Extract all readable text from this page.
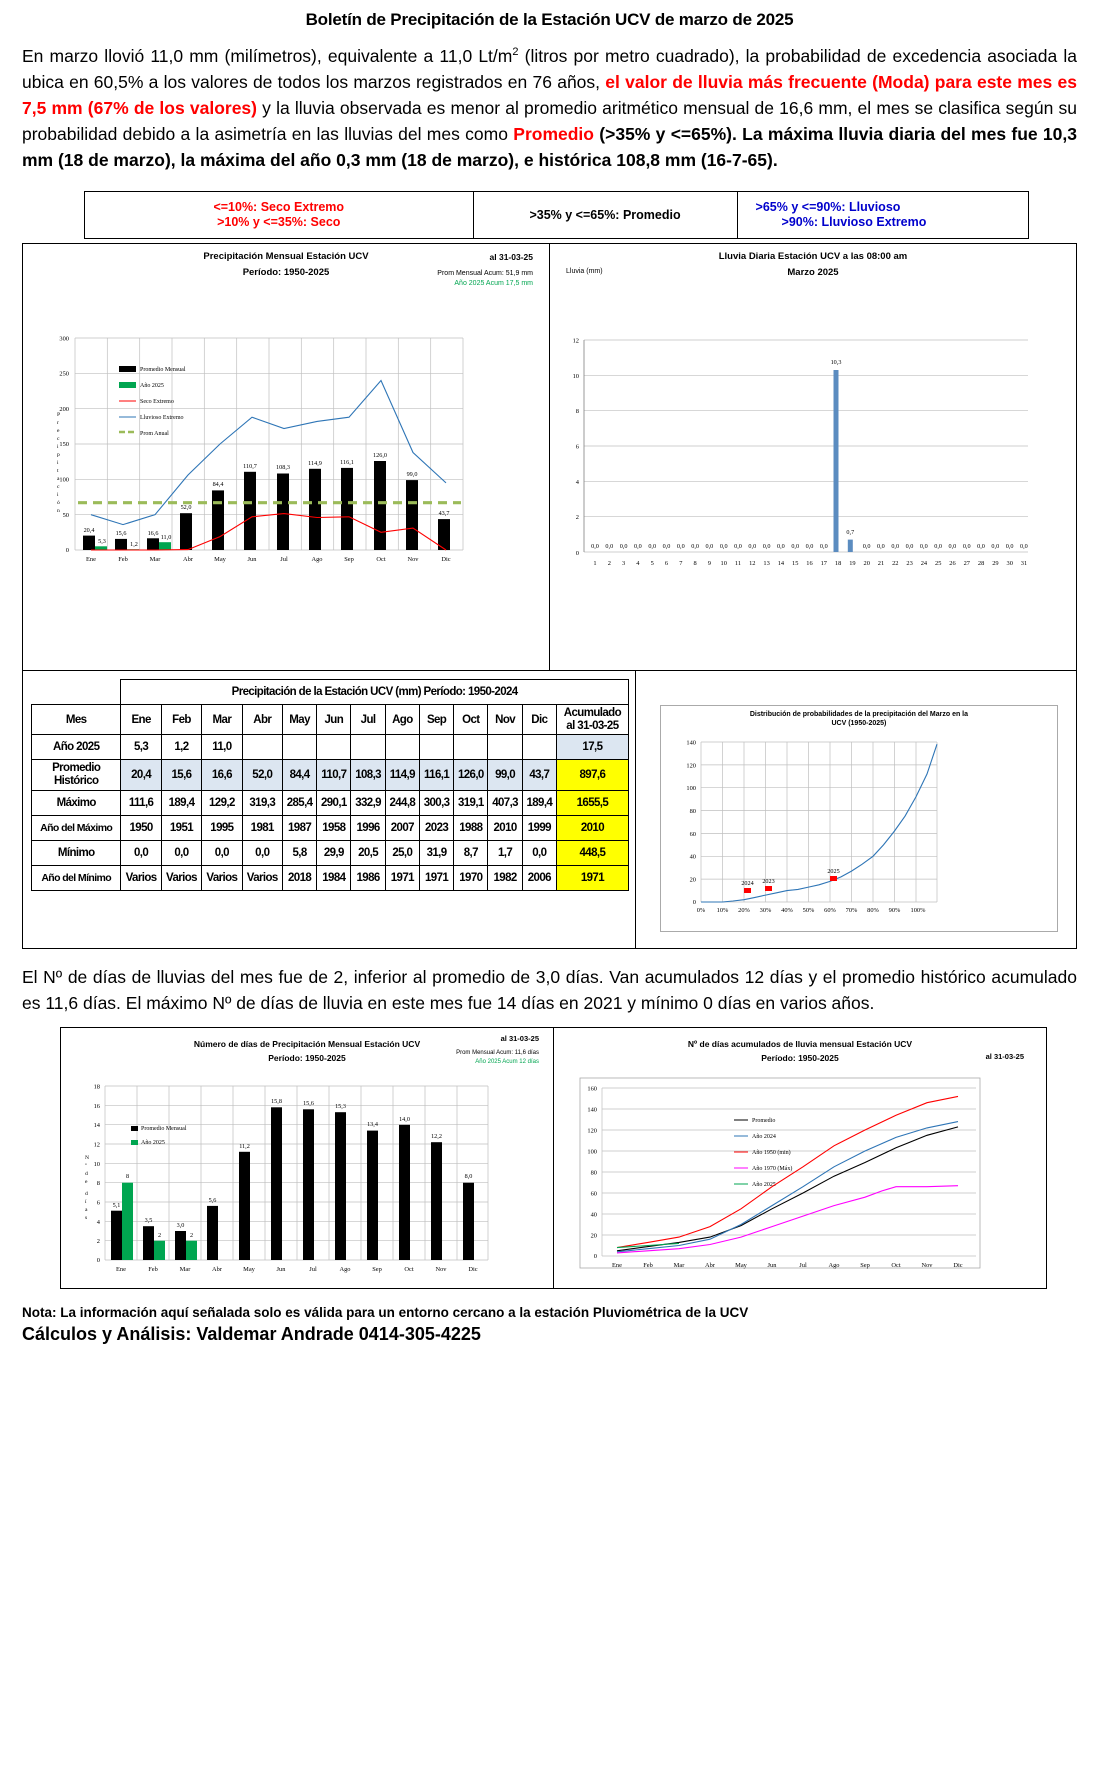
Boletín de Precipitación de la Estación UCV de marzo de 2025
En marzo llovió 11,0 mm (milímetros), equivalente a 11,0 $Lt/m^2$ (litros por metro cuadrado), la probabilidad de excedencia asociada la ubica en 60,5% a los valores de todos los marzos registrados en 76 años, el valor de lluvia más frecuente (Moda) para este mes es 7,5 mm (67% de los valores) y la lluvia observada es menor al promedio aritmético mensual de 16,6 mm, el mes se clasifica según su probabilidad debido a la asimetría en las lluvias del mes como Promedio (>35% y <=65%). La máxima lluvia diaria del mes fue 10,3 mm (18 de marzo), la máxima del año 0,3 mm (18 de marzo), e histórica 108,8 mm (16-7-65).
<=10%: Seco Extremo
>10% y <=35%: Seco
>35% y <=65%: Promedio
>65% y <=90%: Lluvioso
>90%: Lluvioso Extremo
Precipitación Mensual Estación UCV
Período: 1950-2025
al 31-03-25
Prom Mensual Acum: 51,9 mm
Año 2025 Acum 17,5 mm
0
50
100
150
200
250
300
P
r
e
c
i
p
i
t
a
c
i
ó
n
Promedio Mensual
Año 2025
Seco Extremo
Lluvioso Extremo
Prom Anual
20,4
5,3
15,6
1,2
16,6
11,0
52,0
84,4
110,7	108,3
114,9	116,1
126,0
99,0
43,7
Ene	Feb	Mar	Abr	May	Jun	Jul	Ago	Sep	Oct	Nov	Dic
Lluvia Diaria Estación UCV a las 08:00 am
Marzo 2025
Lluvia (mm)
0
2
4
6
8
10
12
0,0 0,0 0,0 0,0 0,0 0,0 0,0 0,0 0,0 0,0 0,0 0,0 0,0 0,0 0,0 0,0 0,0
10,3
0,7
0,0 0,0 0,0 0,0 0,0 0,0 0,0 0,0 0,0 0,0 0,0 0,0
1 2 3 4 5 6 7 8 9 10 11 12 13 14 15 16 17 18 19 20 21 22 23 24 25 26 27 28 29 30 31
	Precipitación de la Estación UCV (mm) Período: 1950-2024												
Mes	Ene	Feb	Mar	Abr	May	Jun	Jul	Ago	Sep	Oct	Nov	Dic	Acumulado
al 31-03-25

Año 2025	5,3	1,2	11,0										17,5

Promedio
Histórico	20,4	15,6	16,6	52,0	84,4	110,7	108,3	114,9	116,1	126,0	99,0	43,7	897,6
Máximo	111,6	189,4	129,2	319,3	285,4	290,1	332,9	244,8	300,3	319,1	407,3	189,4	1655,5
Año del Máximo	1950	1951	1995	1981	1987	1958	1996	2007	2023	1988	2010	1999	2010
Mínimo	0,0	0,0	0,0	0,0	5,8	29,9	20,5	25,0	31,9	8,7	1,7	0,0	448,5
Año del Mínimo	Varios	Varios	Varios	Varios	2018	1984	1986	1971	1971	1970	1982	2006	1971
Distribución de probabilidades de la precipitación del Marzo en la
UCV (1950-2025)
0
20
40
60
80
100
120
140
2024 2023
2025
0% 10% 20% 30% 40% 50% 60% 70% 80% 90% 100%
El Nº de días de lluvias del mes fue de 2, inferior al promedio de 3,0 días. Van acumulados 12 días y el promedio histórico acumulado es 11,6 días. El máximo Nº de días de lluvia en este mes fue 14 días en 2021 y mínimo 0 días en varios años.
Número de días de Precipitación Mensual Estación UCV
Período: 1950-2025
al 31-03-25
Prom Mensual Acum: 11,6 días
Año 2025 Acum 12 días
0
2
4
6
8
10
12
14
16
18
N
º
d
e
d
í
a
s
Promedio Mensual
Año 2025
5,1
8
3,5
2
3,0
2
5,6
11,2
15,8	15,6	15,3
13,4
14,0
12,2
8,0
Ene	Feb	Mar	Abr	May	Jun	Jul	Ago	Sep	Oct	Nov	Dic
Nº de días acumulados de lluvia mensual Estación UCV
Período: 1950-2025	al 31-03-25
0
20
40
60
80
100
120
140
160
Promedio
Año 2024
Año 1950 (min)
Año 1970 (Máx)
Año 2025
Ene	Feb	Mar	Abr	May	Jun	Jul	Ago	Sep	Oct	Nov	Dic
Nota: La información aquí señalada solo es válida para un entorno cercano a la estación Pluviométrica de la UCV
Cálculos y Análisis: Valdemar Andrade 0414-305-4225
